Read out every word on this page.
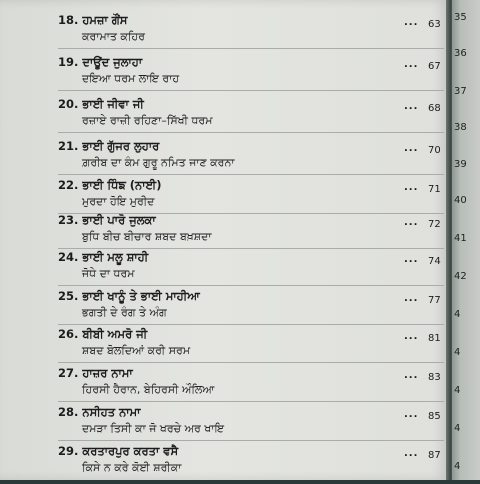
18. ਹਮਜ਼ਾ ਗੌਂਸ
ਕਰਾਮਾਤ ਕਹਿਰ
... 63
19. ਦਾਊਂਦ ਜੁਲਾਹਾ
ਦਇਆ ਧਰਮ ਲਾਇ ਰਾਹ
... 67
20. ਭਾਈ ਜੀਵਾ ਜੀ
ਰਜ਼ਾਏ ਰਾਜ਼ੀ ਰਹਿਣਾ–ਸਿੱਖੀ ਧਰਮ
... 68
21. ਭਾਈ ਗੁੱਜਰ ਲੁਹਾਰ
ਗ਼ਰੀਬ ਦਾ ਕੰਮ ਗੁਰੂ ਨਮਿਤ ਜਾਣ ਕਰਨਾ
... 70
22. ਭਾਈ ਧਿੰਙ (ਨਾਈ)
ਮੁਰਦਾ ਹੋਇ ਮੁਰੀਦ
... 71
23. ਭਾਈ ਪਾਰੋ ਜੁਲਕਾ
ਬੁਧਿ ਬੀਚ ਬੀਚਾਰ ਸ਼ਬਦ ਬਖ਼ਸ਼ਦਾ
... 72
24. ਭਾਈ ਮਲੂ ਸ਼ਾਹੀ
ਜੋਧੇ ਦਾ ਧਰਮ
... 74
25. ਭਾਈ ਖਾਨੂੰ ਤੇ ਭਾਈ ਮਾਹੀਆ
ਭਗਤੀ ਦੇ ਰੰਗ ਤੇ ਅੰਗ
... 77
26. ਬੀਬੀ ਅਮਰੋ ਜੀ
ਸ਼ਬਦ ਬੋਲਦਿਆਂ ਕਰੀ ਸਰਮ
... 81
27. ਹਾਜ਼ਰ ਨਾਮਾ
ਹਿਰਸੀ ਹੈਰਾਨ, ਬੇਹਿਰਸੀ ਔਲਿਆ
... 83
28. ਨਸੀਹਤ ਨਾਮਾ
ਦਮੜਾ ਤਿਸੀ ਕਾ ਜੋ ਖਰਚੇ ਅਰ ਖਾਇ
... 85
29. ਕਰਤਾਰਪੁਰ ਕਰਤਾ ਵਸੈ
ਕਿਸੇ ਨ ਕਰੇ ਕੋਈ ਸ਼ਰੀਕਾ
... 87
35
36
37
38
39
40
41
42
4
4
4
4
4
